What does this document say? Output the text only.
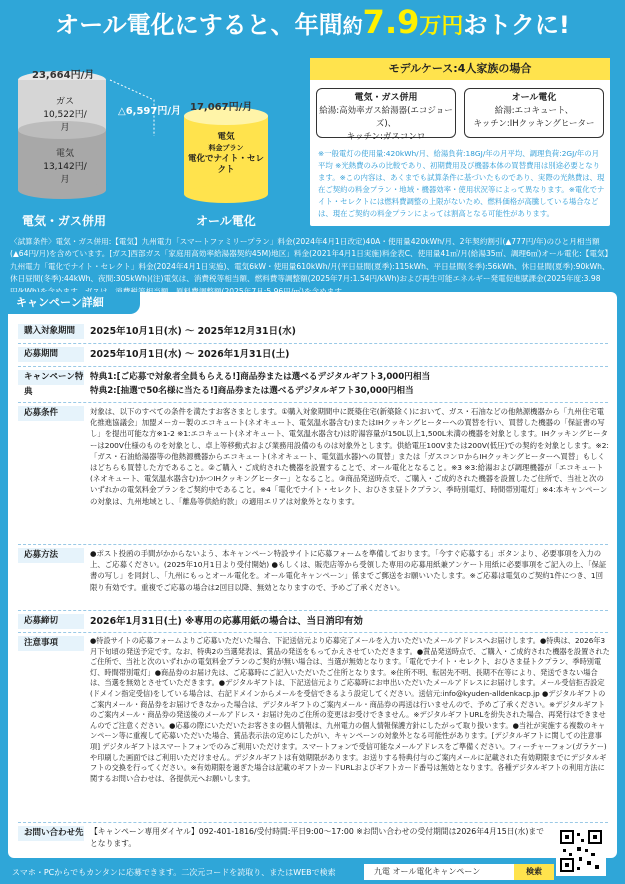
オール電化にすると、年間約7.9万円おトクに!
23,664円/月
ガス
10,522円/月
電気
13,142円/月
△6,597円/月 17,067円/月
電気
料金プラン
電化でナイト・セレクト
電気・ガス併用	オール電化
モデルケース:4人家族の場合
電気・ガス併用
給湯:高効率ガス給湯器(エコジョーズ)、
キッチン:ガスコンロ
オール電化
給湯:エコキュート、
キッチン:IHクッキングヒーター
※一般電灯の使用量:420kWh/月、給湯負荷:18GJ/年の月平均、調理負荷:2GJ/年の月平均 ※光熱費のみの比較であり、初期費用及び機器本体の買替費用は別途必要となります。※この内容は、あくまでも試算条件に基づいたものであり、実際の光熱費は、現在ご契約の料金プラン・地域・機器効率・使用状況等によって異なります。※電化でナイト・セレクトには燃料費調整の上限がないため、燃料価格が高騰している場合などは、現在ご契約の料金プランによっては割高となる可能性があります。
〈試算条件〉電気・ガス併用:【電気】九州電力「スマートファミリープラン」料金(2024年4月1日改定)40A・使用量420kWh/月、2年契約割引(▲777円/年)のひと月相当額(▲64円/月)を含めています。[ガス]西部ガス「家庭用高効率給湯器契約45M)地区」料金(2021年4月1日実施)料金表C、使用量41㎥/月(給湯35㎥、調理6㎥)オール電化:【電気】九州電力「電化でナイト・セレクト」料金(2024年4月1日実施)、電気6kW・使用量610kWh/月(平日昼間(夏季):115kWh、平日昼間(冬季):56kWh、休日昼間(夏季):90kWh、休日昼間(冬季):44kWh、夜間:305kWh)(注)電気は、消費税等相当額、燃料費等調整額(2025年7月:1.54円/kWh)および再生可能エネルギー発電促進賦課金(2025年度:3.98
キャンペーン詳細
購入対象期間	2025年10月1日(水) 〜 2025年12月31日(水)
応募期間	2025年10月1日(水) 〜 2026年1月31日(土)
キャンペーン特典
特典1:[ご応募で対象者全員もらえる!]商品券または選べるデジタルギフト3,000円相当
特典2:[抽選で50名様に当たる!]商品券または選べるデジタルギフト30,000円相当
応募条件	対象は、以下のすべての条件を満たすお客さまとします。①購入対象期間中に既築住宅(新築除く)において、ガス・石油などの他熱源機器から「九州住宅電化推進協議会」加盟メーカー製のエコキュート(ネオキュート、電気温水器含む)またはIHクッキングヒーターへの買替を行い、買替した機器の「保証書の写し」を提出可能な方※1-2 ※1:エコキュート(ネオキュート、電気温水器含む)は貯湯容量が150L以上1,500L未満の機器を対象とします。IHクッキングヒーターは200V仕様のものを対象とし、卓上等移動式および業務用設備のものは対象外とします。供給電圧100Vまたは200V(低圧)での契約を対象とします。※2:「ガス・石油給湯器等の他熱源機器からエコキュート(ネオキュート、電気温水器)への買替」または「ガスコンロからIHクッキングヒーターへ買替」もしくはどちらも買替した方であること。②ご購入・ご成約された機器を設置することで、オール電化となること。※3 ※3:給湯および調理機器が「エコキュート(ネオキュート、電気温水器含む)かつIHクッキングヒーター」となること。③商品発送時点で、ご購入・ご成約された機器を設置したご住所で、当社と次のいずれかの電気料金プランをご契約中であること。※4「電化でナイト・セレクト、おひさま昼トクプラン、季時別電灯、時間帯別電灯」※4:本キャンペーンの対象は、九州地域とし、「離島等供給約款」の適用エリアは対象外となります。
応募方法	●ポスト投函の手間がかからないよう、本キャンペーン特設サイトに応募フォームを準備しております。「今すぐ応募する」ボタンより、必要事項を入力の上、ご応募ください。(2025年10月1日より受付開始) ●もしくは、販売店等から受領した専用の応募用紙兼アンケート用紙に必要事項をご記入の上、「保証書の写し」を同封し、「九州にもっとオール電化を。オール電化キャンペーン」係までご郵送をお願いいたします。※ご応募は電気のご契約1件につき、1回限り有効です。重複でご応募の場合は2回目以降、無効となりますので、予めご了承ください。
応募締切	2026年1月31日(土) ※専用の応募用紙の場合は、当日消印有効
注意事項	●特設サイトの応募フォームよりご応募いただいた場合、下記送信元より応募完了メールを入力いただいたメールアドレスへお届けします。●特典は、2026年3月下旬頃の発送予定です。なお、特典2の当選発表は、賞品の発送をもってかえさせていただきます。●賞品発送時点で、ご購入・ご成約された機器を設置されたご住所で、当社と次のいずれかの電気料金プランのご契約が無い場合は、当選が無効となります。「電化でナイト・セレクト、おひさま昼トクプラン、季時別電灯、時間帯別電灯」●商品券のお届け先は、ご応募時にご記入いただいたご住所となります。※住所不明、転居先不明、長期不在等により、発送できない場合は、当選を無効とさせていただきます。●デジタルギフトは、下記送信元よりご応募時にお申出いただいたメールアドレスにお届けします。メール受信拒否設定(ドメイン指定受信)をしている場合は、右記ドメインからメールを受信できるよう設定してください。送信元:info@kyuden-alldenkacp.jp ●デジタルギフトのご案内メール・商品券をお届けできなかった場合は、デジタルギフトのご案内メール・商品券の再送は行いませんので、予めご了承ください。※デジタルギフトのご案内メール・商品券の発送後のメールアドレス・お届け先のご住所の変更はお受けできません。※デジタルギフトURLを紛失された場合、再発行はできませんのでご注意ください。●応募の際にいただいたお客さまの個人情報は、九州電力の個人情報保護方針にしたがって取り扱います。●当社が実施する複数のキャンペーン等に重複して応募いただいた場合、賞品表示法の定めにしたがい、キャンペーンの対象外となる可能性があります。[デジタルギフトに関しての注意事項] デジタルギフトはスマートフォンでのみご利用いただけます。スマートフォンで受信可能なメールアドレスをご準備ください。フィーチャーフォン(ガラケー)や印刷した画面ではご利用いただけません。デジタルギフトは有効期限があります。お送りする特典付与のご案内メールに記載された有効期限までにデジタルギフトの交換を行ってください。※有効期限を過ぎた場合は記載のギフトカードURLおよびギフトカード番号は無効となります。各種デジタルギフトの利用方法に関するお問い合わせは、各提供元へお願いします。
お問い合わせ先 【キャンペーン専用ダイヤル】092-401-1816/受付時間:平日9:00〜17:00 ※お問い合わせの受付期間は2026年4月15日(水)までとなります。
スマホ・PCからでもカンタンに応募できます。二次元コードを読取り、またはWEBで検索	九電 オール電化キャンペーン	検索
